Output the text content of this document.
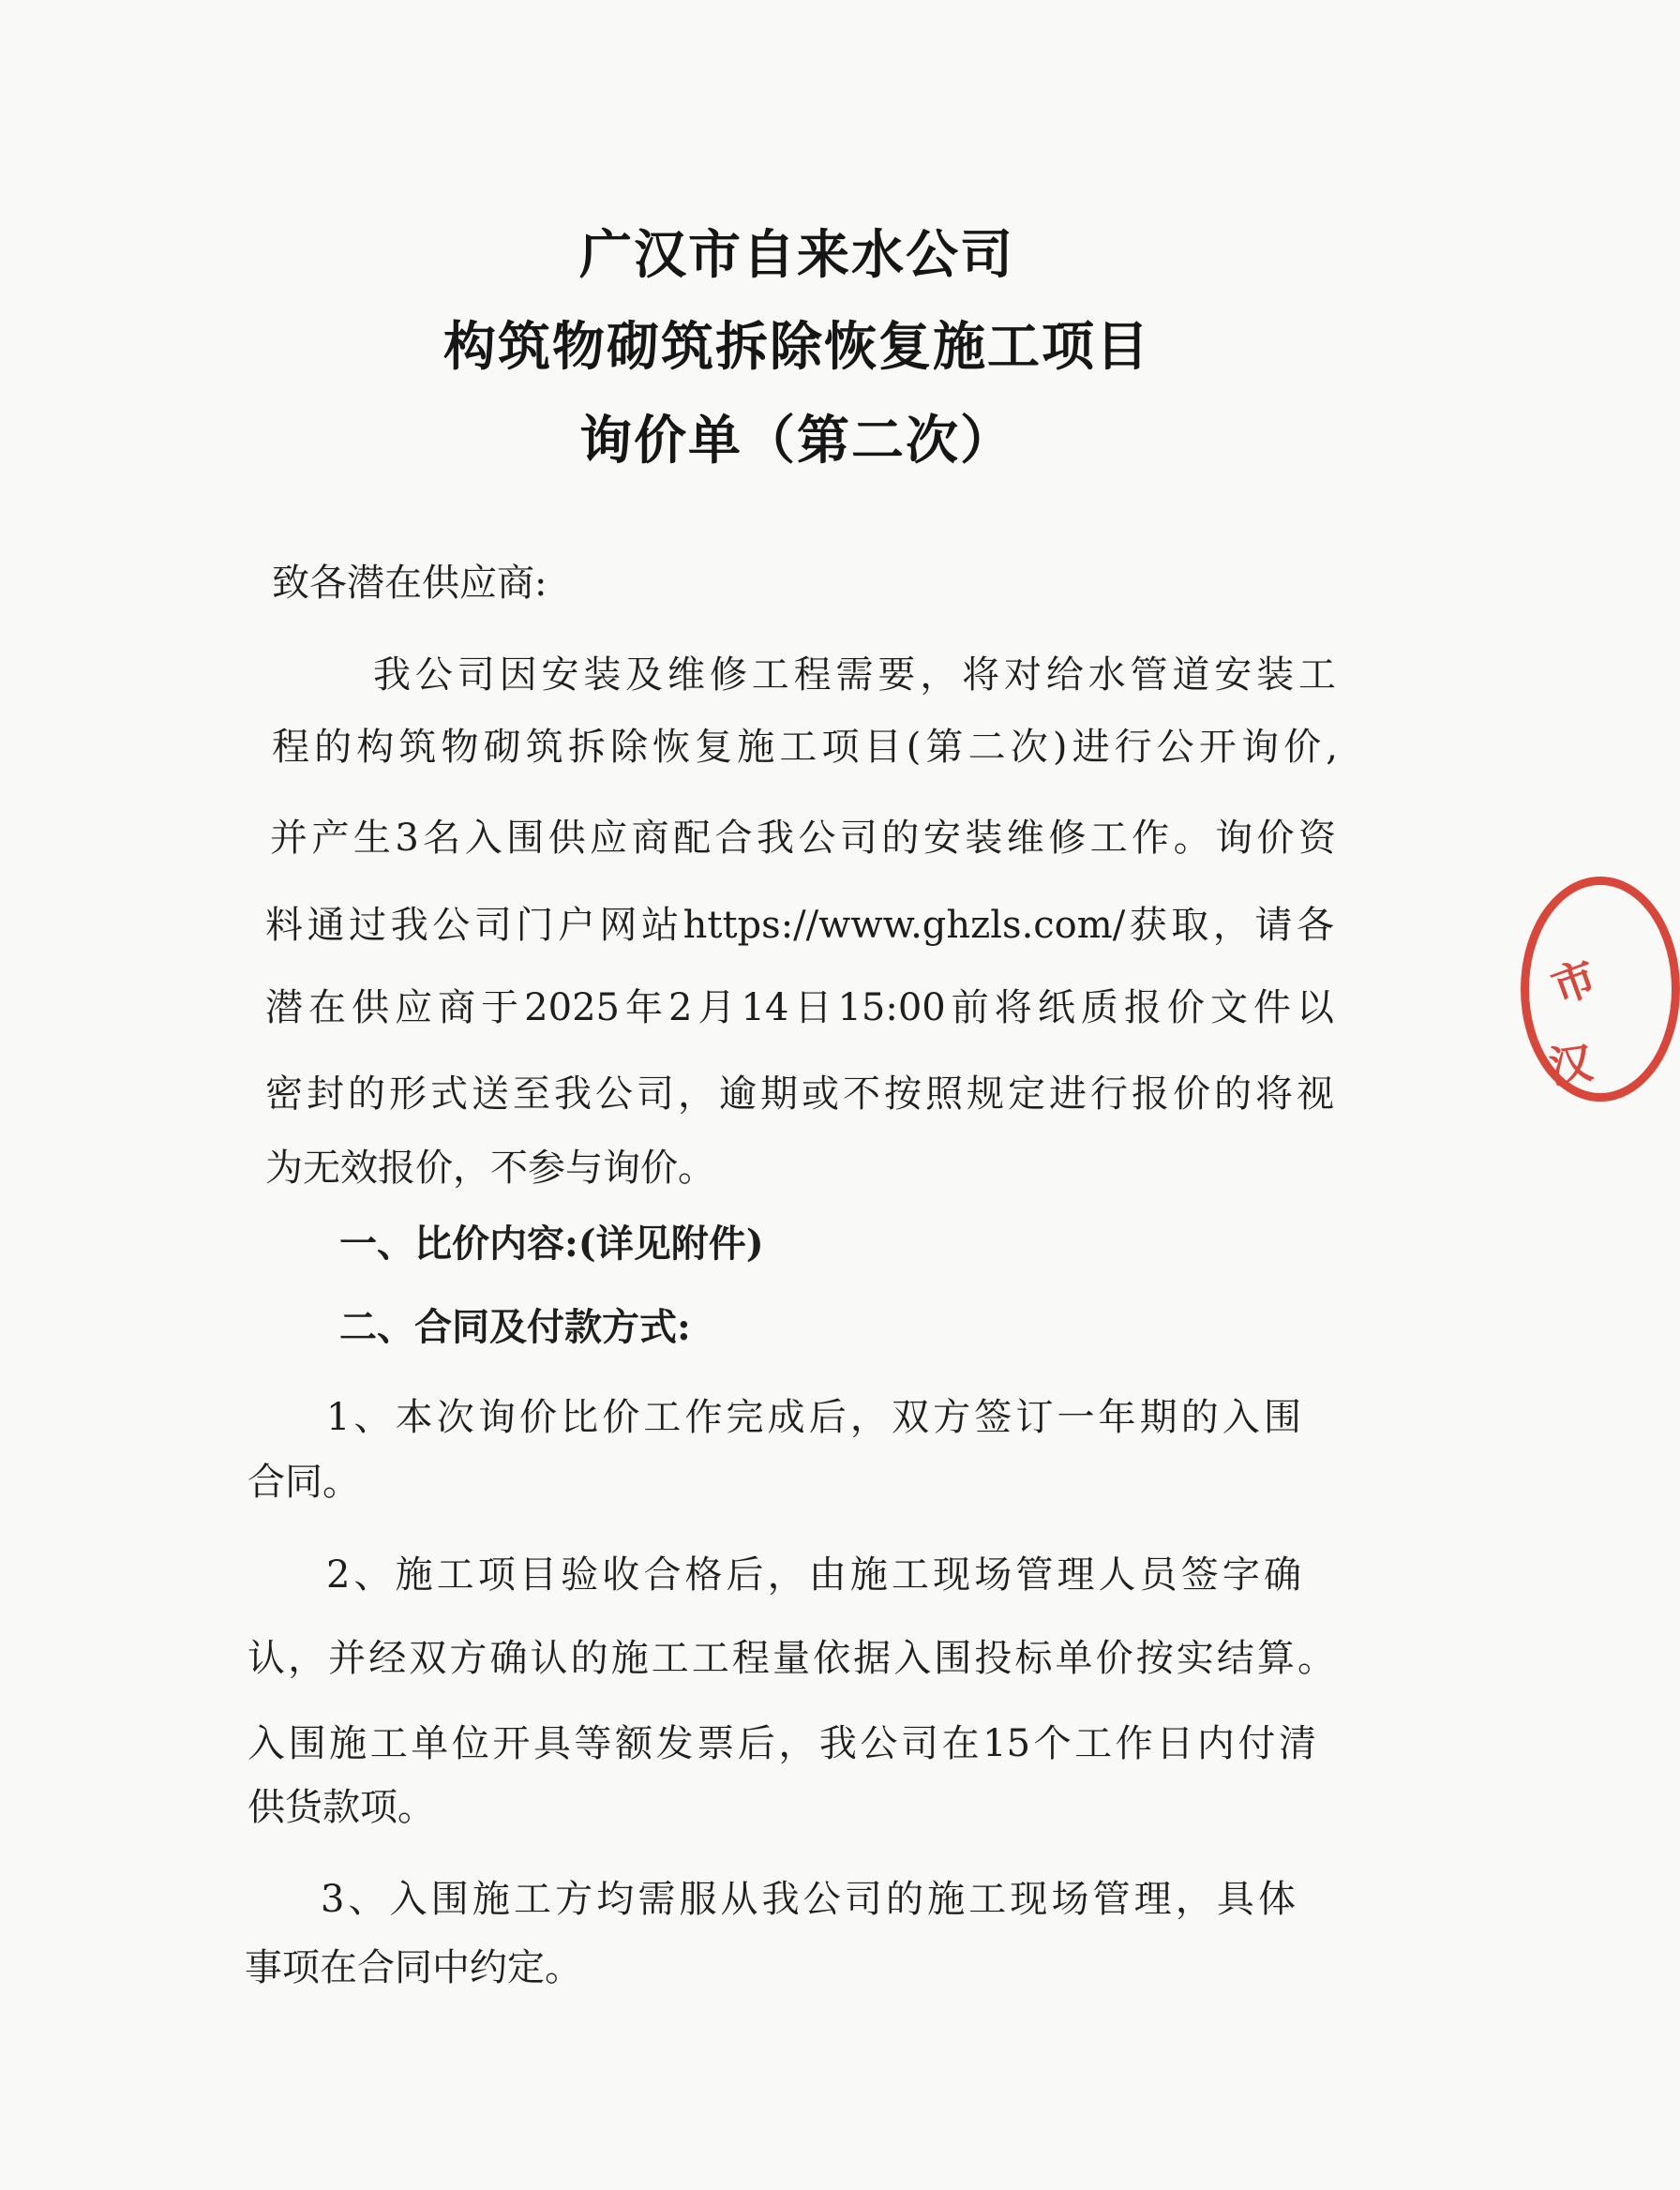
广汉市自来水公司
构筑物砌筑拆除恢复施工项目
询价单（第二次）
致各潜在供应商:
我公司因安装及维修工程需要，将对给水管道安装工
程的构筑物砌筑拆除恢复施工项目(第二次)进行公开询价,
并产生3名入围供应商配合我公司的安装维修工作。询价资
料通过我公司门户网站https://www.ghzls.com/获取，请各
潜在供应商于2025年2月14日15:00前将纸质报价文件以
密封的形式送至我公司，逾期或不按照规定进行报价的将视
为无效报价，不参与询价。
一、比价内容:(详见附件)
二、合同及付款方式:
1、本次询价比价工作完成后，双方签订一年期的入围
合同。
2、施工项目验收合格后，由施工现场管理人员签字确
认，并经双方确认的施工工程量依据入围投标单价按实结算。
入围施工单位开具等额发票后，我公司在15个工作日内付清
供货款项。
3、入围施工方均需服从我公司的施工现场管理，具体
事项在合同中约定。
市
汉
